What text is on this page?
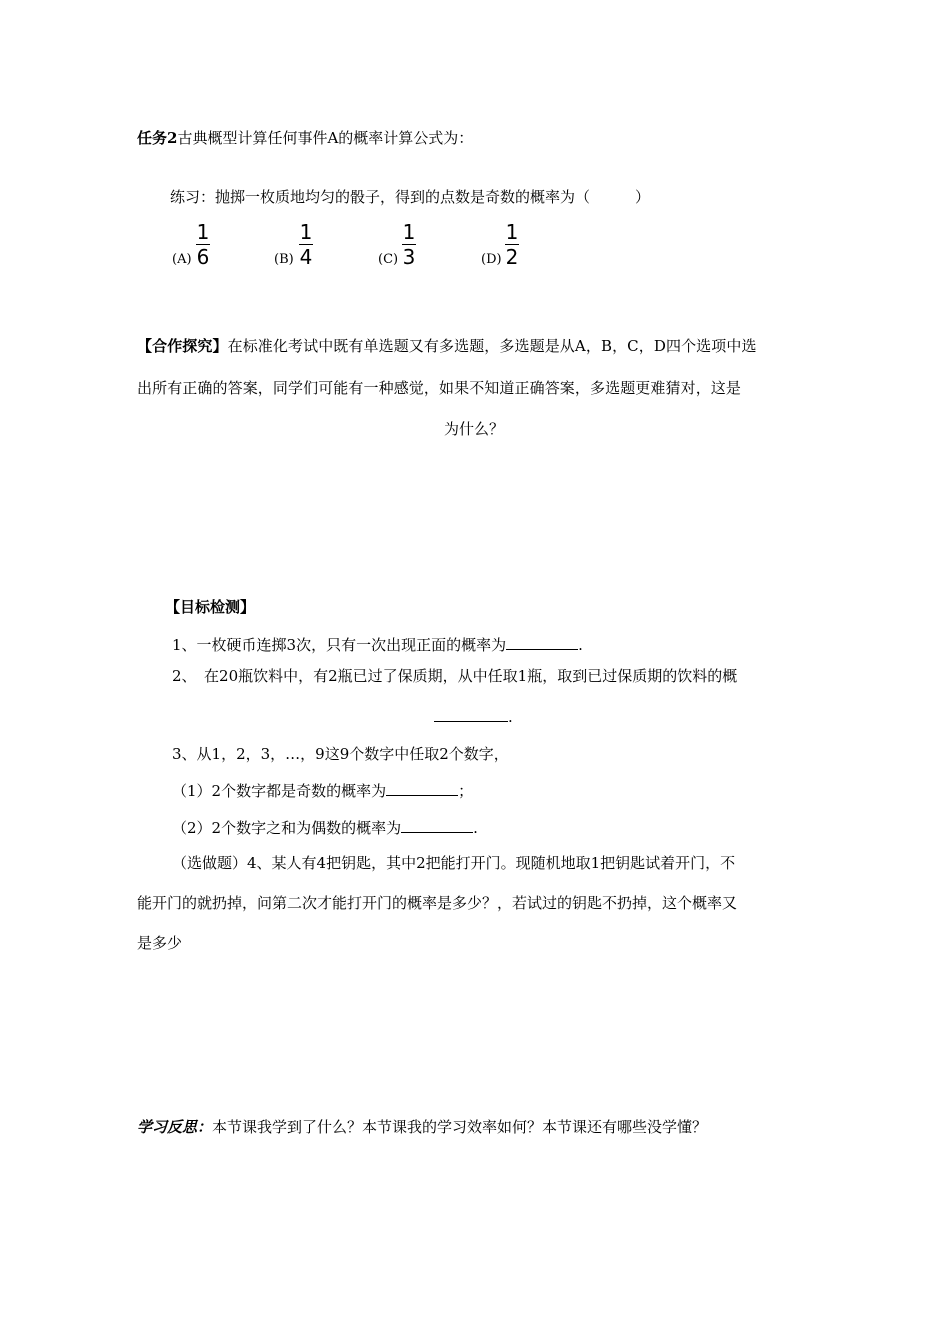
任务2古典概型计算任何事件A的概率计算公式为：
练习：抛掷一枚质地均匀的骰子，得到的点数是奇数的概率为（　　　）
(A)
1
6	(B)
1
4	(C)
1
3	(D)
1
2
【合作探究】在标准化考试中既有单选题又有多选题，多选题是从A，B，C，D四个选项中选
出所有正确的答案，同学们可能有一种感觉，如果不知道正确答案，多选题更难猜对，这是
为什么？
【目标检测】
1、一枚硬币连掷3次，只有一次出现正面的概率为	.
2、　在20瓶饮料中，有2瓶已过了保质期，从中任取1瓶，取到已过保质期的饮料的概
.
3、从1，2，3，…，9这9个数字中任取2个数字，
（1）2个数字都是奇数的概率为	；
（2）2个数字之和为偶数的概率为	.
（选做题）4、某人有4把钥匙，其中2把能打开门。现随机地取1把钥匙试着开门，不
能开门的就扔掉，问第二次才能打开门的概率是多少？，若试过的钥匙不扔掉，这个概率又
是多少
学习反思：本节课我学到了什么？本节课我的学习效率如何？本节课还有哪些没学懂？
